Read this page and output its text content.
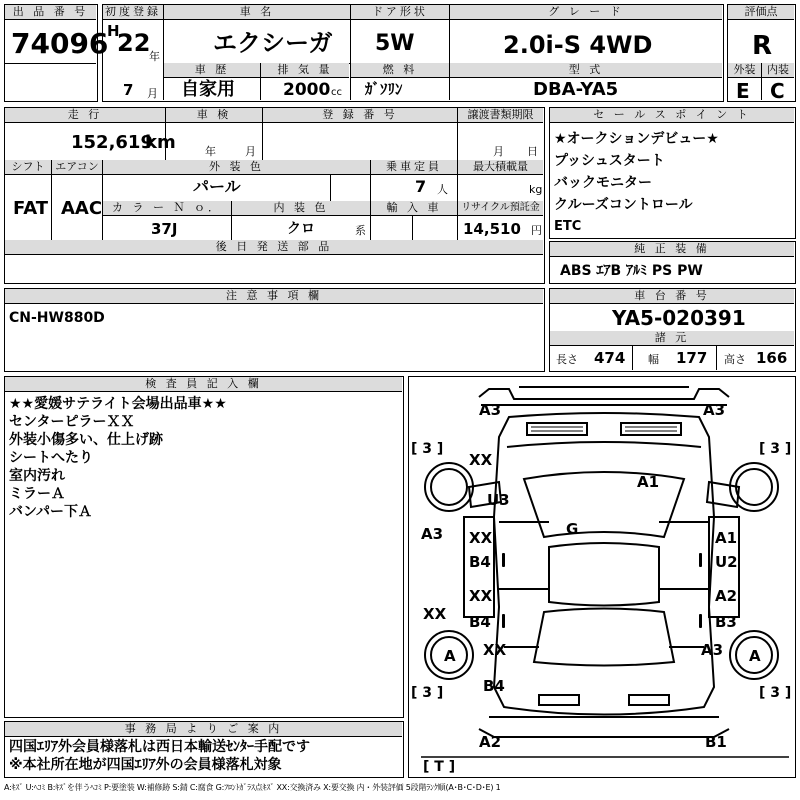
出 品 番 号
74096
初度登録
H
22
年
車 名
エクシーガ
ドア形状
5W
グ レ ー ド
2.0i-S 4WD
7 月
車 歴
自家用
排 気 量
2000 cc
燃 料
ｶﾞｿﾘﾝ
型 式
DBA-YA5
評価点
R
外装	内装
E C
走 行
152,619
km
車 検
年	月
登 録 番 号	譲渡書類期限
月 日
シフト エアコン
FAT AAC
外 装 色
パール
乗車定員
7 人
最大積載量
kg
カ ラ ー Ｎ ｏ．
37J
内 装 色
クロ	系
輸 入 車	リサイクル預託金
14,510 円
後 日 発 送 部 品
セ ー ル ス ポ イ ン ト
★オークションデビュー★
プッシュスタート
バックモニター
クルーズコントロール
ETC
純 正 装 備
ABS ｴｱB ｱﾙﾐ PS PW
注 意 事 項 欄
CN-HW880D
車 台 番 号
YA5-020391
諸 元
長さ 474 幅 177 高さ 166
検 査 員 記 入 欄
★★愛媛サテライト会場出品車★★
センターピラーＸＸ
外装小傷多い、仕上げ跡
シートへたり
室内汚れ
ミラーＡ
バンパー下Ａ
事 務 局 よ り ご 案 内
四国ｴﾘｱ外会員様落札は西日本輸送ｾﾝﾀｰ手配です
※本社所在地が四国ｴﾘｱ外の会員様落札対象
A3	A3
[ 3 ]	[ 3 ]
XX
U3
A1
A3 XX
B4
G	A1
U2
XX
XX
B4
A2
B3
A XX	A3 A
[ 3 ]	[ 3 ]
B4
A2	B1
[ T ]
A:ｷｽﾞ U:ﾍｺﾐ B:ｷｽﾞを伴うﾍｺﾐ P:要塗装 W:補修跡 S:錆 C:腐食 G:ﾌﾛﾝﾄｶﾞﾗｽ点ｷｽﾞ XX:交換済み X:要交換 内・外装評価 5段階ﾗﾝｸ順(A･B･C･D･E) 1
